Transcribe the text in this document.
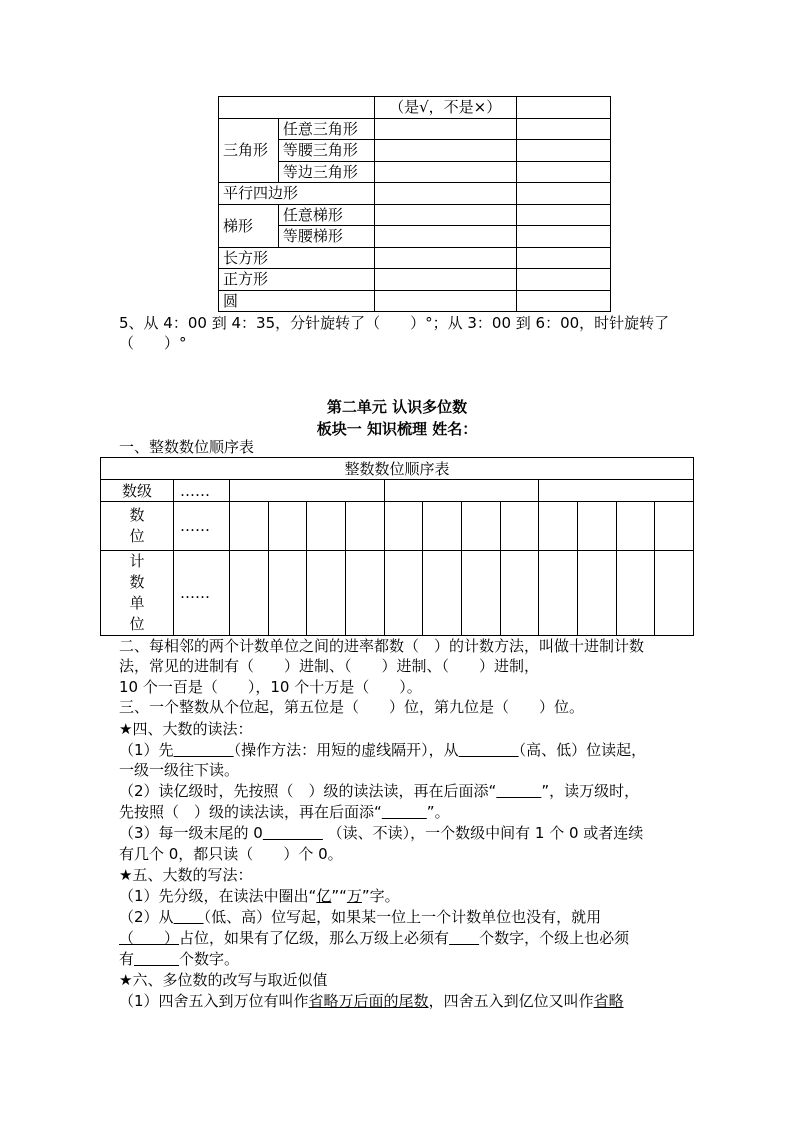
		（是√，不是×）	
三角形	任意三角形		
	等腰三角形		
	等边三角形		
平行四边形			
梯形	任意梯形		
	等腰梯形		
长方形			
正方形			
圆			
5、从 4：00 到 4：35，分针旋转了（　　）°；从 3：00 到 6：00，时针旋转了
（　　）°
第二单元 认识多位数
板块一 知识梳理 姓名：
一、整数数位顺序表
整数数位顺序表													
数级	……												

数
位	……												

计
数
单
位	……												
二、每相邻的两个计数单位之间的进率都数（　）的计数方法，叫做十进制计数
法，常见的进制有（　　）进制、（　　）进制、（　　）进制，
10 个一百是（　　），10 个十万是（　　）。
三、一个整数从个位起，第五位是（　　）位，第九位是（　　）位。
★四、大数的读法：
（1）先　　　　	（操作方法：用短的虚线隔开），从　　　　	（高、低）位读起，
一级一级往下读。
（2）读亿级时，先按照（　）级的读法读，再在后面添“　　　	”，读万级时，
先按照（　）级的读法读，再在后面添“　　　	”。
（3）每一级末尾的 0　　　　	（读、不读），一个数级中间有 1 个 0 或者连续
有几个 0，都只读（　　）个 0。
★五、大数的写法：
（1）先分级，在读法中圈出“亿”“万”字。
（2）从　　 （低、高）位写起，如果某一位上一个计数单位也没有，就用
（　　 ）占位，如果有了亿级，那么万级上必须有　　 个数字，个级上也必须
有　　　	个数字。
★六、多位数的改写与取近似值
（1）四舍五入到万位有叫作省略万后面的尾数，四舍五入到亿位又叫作省略
